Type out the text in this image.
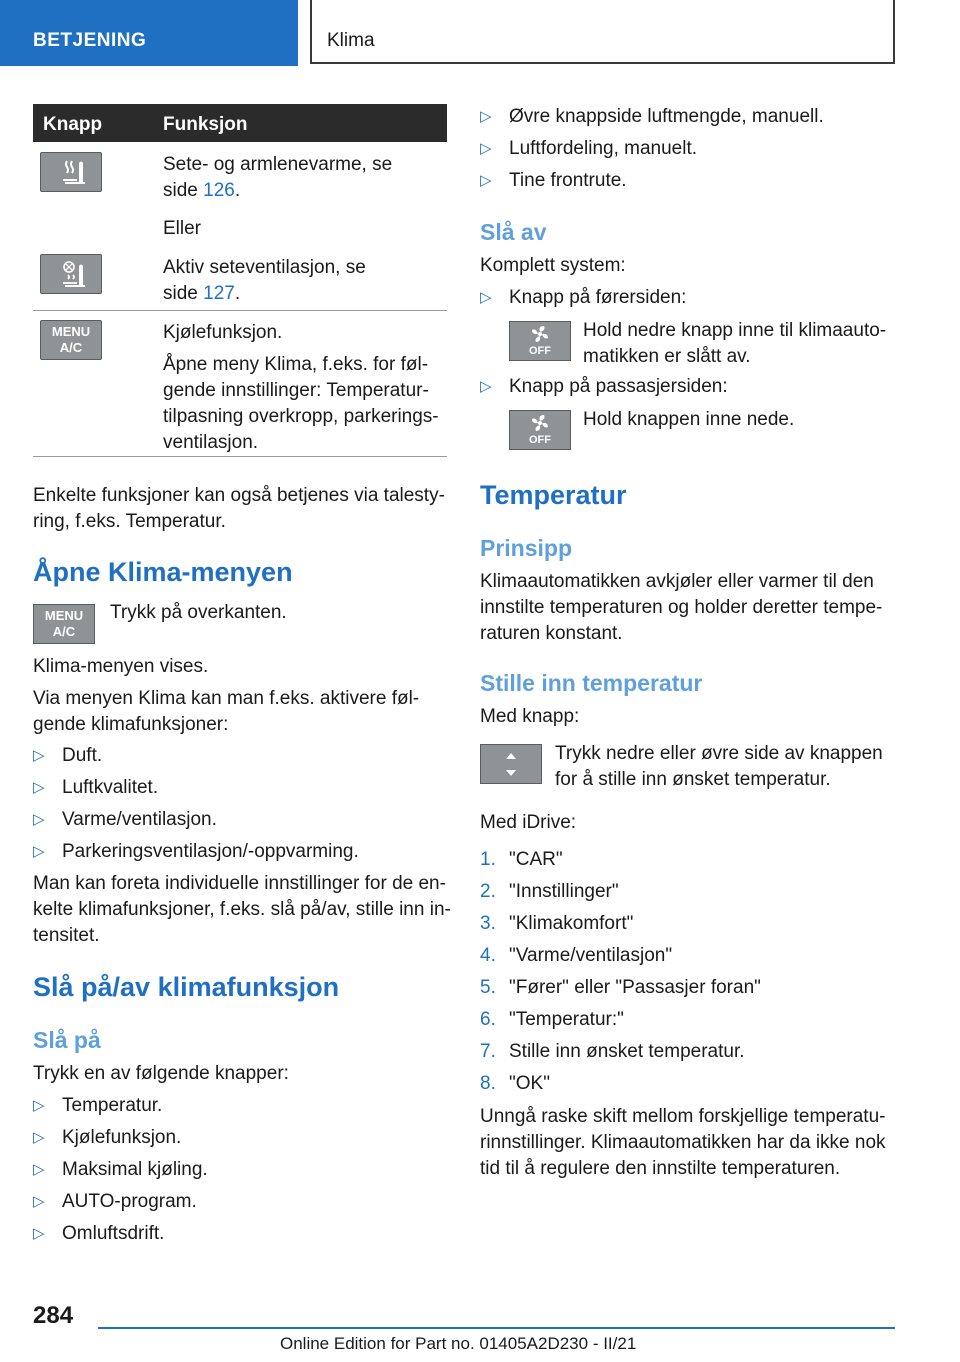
BETJENING	Klima
Knapp	Funksjon
Sete- og armlenevarme, se
side 126.
Eller
Aktiv seteventilasjon, se
side 127.
MENU
A/C
Kjølefunksjon.
Åpne meny Klima, f.eks. for føl-
gende innstillinger: Temperatur-
tilpasning overkropp, parkerings-
ventilasjon.

Enkelte funksjoner kan også betjenes via talesty-

ring, f.eks. Temperatur.

Åpne Klima-menyen
MENU
A/C

Trykk på overkanten.

Klima-menyen vises.

Via menyen Klima kan man f.eks. aktivere føl-

gende klimafunksjoner:

▷ Duft.
▷ Luftkvalitet.
▷ Varme/ventilasjon.
▷ Parkeringsventilasjon/-oppvarming.

Man kan foreta individuelle innstillinger for de en-

kelte klimafunksjoner, f.eks. slå på/av, stille inn in-

tensitet.

Slå på/av klimafunksjon
Slå på

Trykk en av følgende knapper:

▷ Temperatur.
▷ Kjølefunksjon.
▷ Maksimal kjøling.
▷ AUTO-program.
▷ Omluftsdrift.
▷ Øvre knappside luftmengde, manuell.
▷ Luftfordeling, manuelt.
▷ Tine frontrute.
Slå av

Komplett system:

▷ Knapp på førersiden:
OFF

Hold nedre knapp inne til klimaauto-

matikken er slått av.

▷ Knapp på passasjersiden:
OFF

Hold knappen inne nede.

Temperatur
Prinsipp

Klimaautomatikken avkjøler eller varmer til den

innstilte temperaturen og holder deretter tempe-

raturen konstant.

Stille inn temperatur

Med knapp:

Trykk nedre eller øvre side av knappen

for å stille inn ønsket temperatur.

Med iDrive:

1. "CAR"
2. "Innstillinger"
3. "Klimakomfort"
4. "Varme/ventilasjon"
5. "Fører" eller "Passasjer foran"
6. "Temperatur:"
7. Stille inn ønsket temperatur.
8. "OK"

Unngå raske skift mellom forskjellige temperatu-

rinnstillinger. Klimaautomatikken har da ikke nok

tid til å regulere den innstilte temperaturen.

284
Online Edition for Part no. 01405A2D230 - II/21
